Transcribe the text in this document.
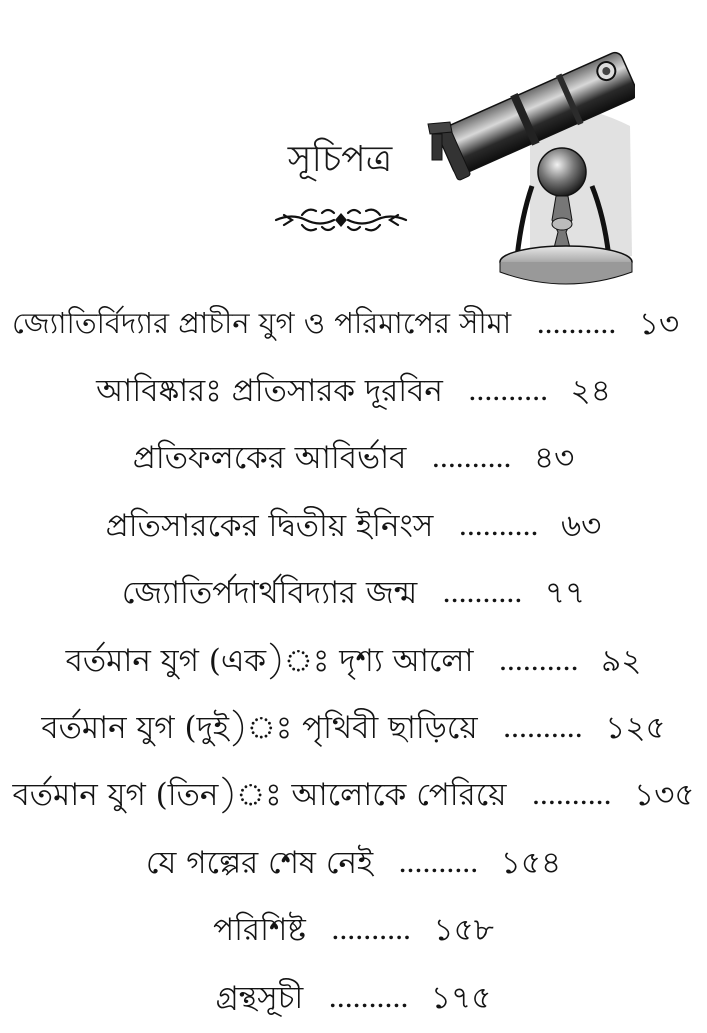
সূচিপত্র
জ্যোতির্বিদ্যার প্রাচীন যুগ ও পরিমাপের সীমা .......... ১৩
আবিষ্কারঃ প্রতিসারক দূরবিন .......... ২৪
প্রতিফলকের আবির্ভাব .......... ৪৩
প্রতিসারকের দ্বিতীয় ইনিংস .......... ৬৩
জ্যোতির্পদার্থবিদ্যার জন্ম .......... ৭৭
বর্তমান যুগ (এক)ঃ দৃশ্য আলো .......... ৯২
বর্তমান যুগ (দুই)ঃ পৃথিবী ছাড়িয়ে .......... ১২৫
বর্তমান যুগ (তিন)ঃ আলোকে পেরিয়ে .......... ১৩৫
যে গল্পের শেষ নেই .......... ১৫৪
পরিশিষ্ট .......... ১৫৮
গ্রন্থসূচী .......... ১৭৫
